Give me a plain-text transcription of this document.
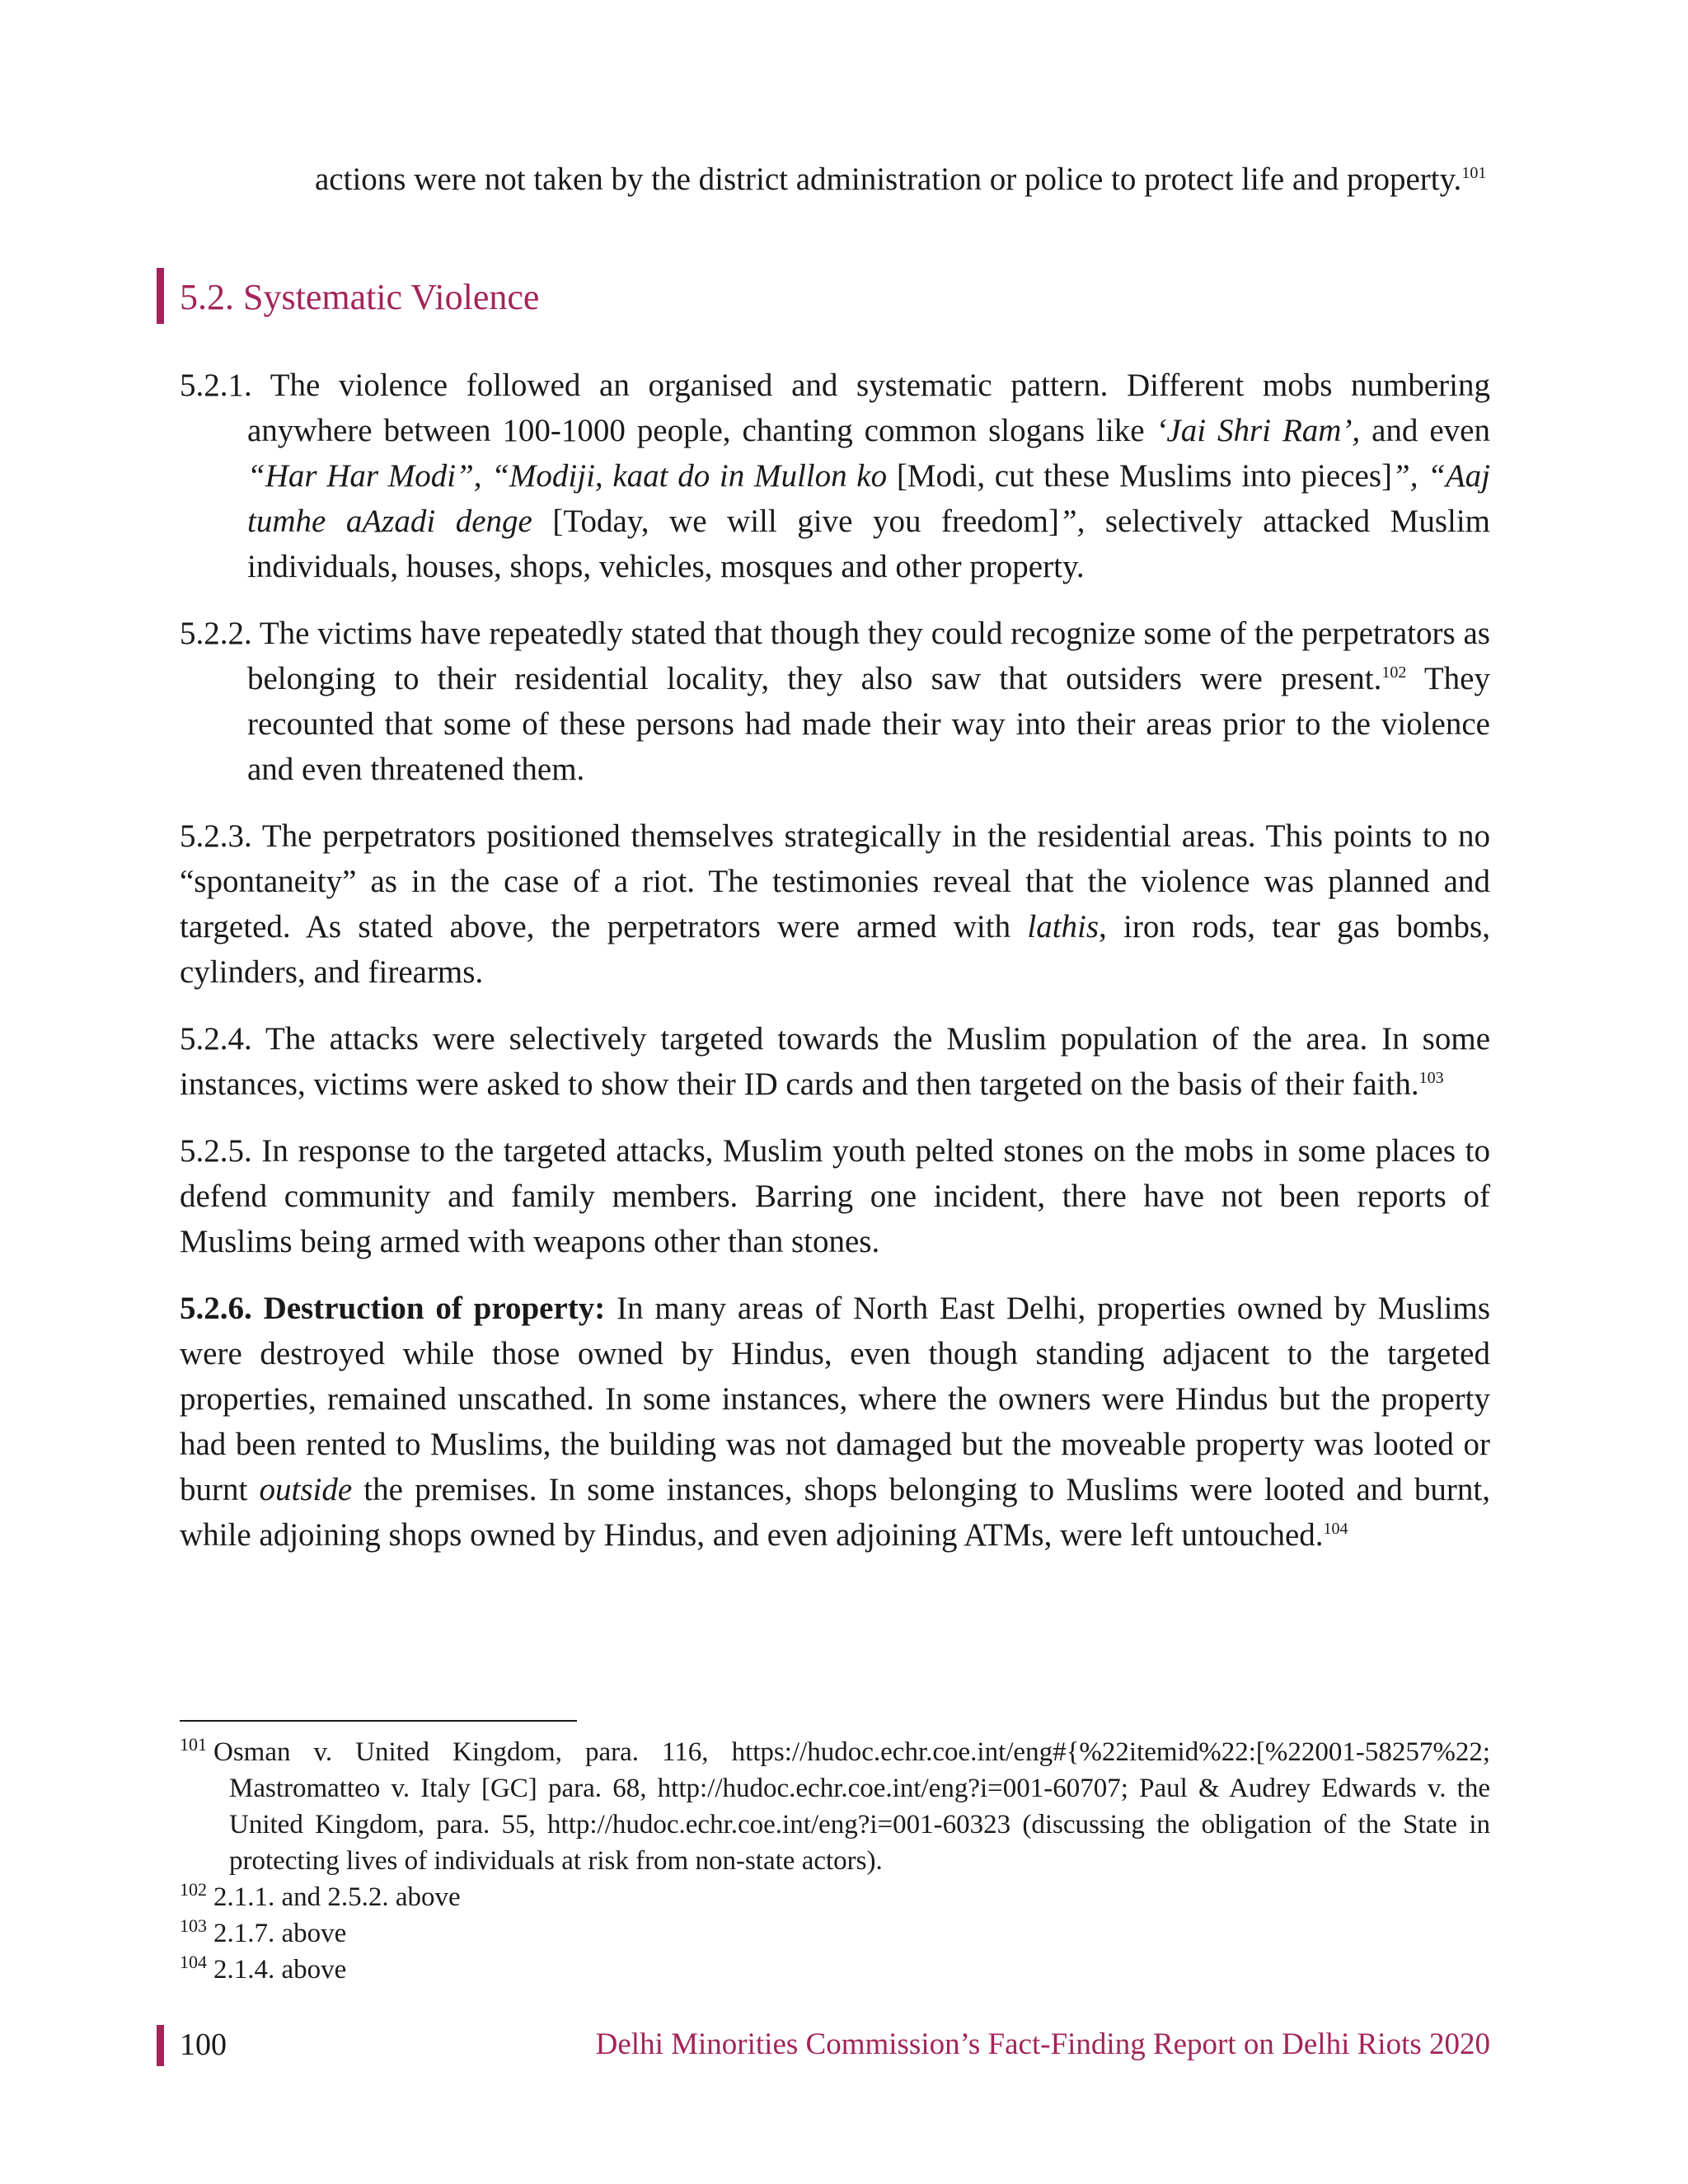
actions were not taken by the district administration or police to protect life and property.$^{101}$

5.2. Systematic Violence

5.2.1. The violence followed an organised and systematic pattern. Different mobs numbering anywhere between 100-1000 people, chanting common slogans like ‘Jai Shri Ram’, and even “Har Har Modi”, “Modiji, kaat do in Mullon ko [Modi, cut these Muslims into pieces]”, “Aaj tumhe aAzadi denge [Today, we will give you freedom]”, selectively attacked Muslim individuals, houses, shops, vehicles, mosques and other property.

5.2.2. The victims have repeatedly stated that though they could recognize some of the perpetrators as belonging to their residential locality, they also saw that outsiders were present.$^{102}$ They recounted that some of these persons had made their way into their areas prior to the violence and even threatened them.

5.2.3. The perpetrators positioned themselves strategically in the residential areas. This points to no “spontaneity” as in the case of a riot. The testimonies reveal that the violence was planned and targeted. As stated above, the perpetrators were armed with lathis, iron rods, tear gas bombs, cylinders, and firearms.

5.2.4. The attacks were selectively targeted towards the Muslim population of the area. In some instances, victims were asked to show their ID cards and then targeted on the basis of their faith.$^{103}$

5.2.5. In response to the targeted attacks, Muslim youth pelted stones on the mobs in some places to defend community and family members. Barring one incident, there have not been reports of Muslims being armed with weapons other than stones.

5.2.6. Destruction of property: In many areas of North East Delhi, properties owned by Muslims were destroyed while those owned by Hindus, even though standing adjacent to the targeted properties, remained unscathed. In some instances, where the owners were Hindus but the property had been rented to Muslims, the building was not damaged but the moveable property was looted or burnt outside the premises. In some instances, shops belonging to Muslims were looted and burnt, while adjoining shops owned by Hindus, and even adjoining ATMs, were left untouched.$^{104}$

$^{101}$ Osman v. United Kingdom, para. 116, https://hudoc.echr.coe.int/eng#{%22itemid%22:[%22001-58257%22; Mastromatteo v. Italy [GC] para. 68, http://hudoc.echr.coe.int/eng?i=001-60707; Paul & Audrey Edwards v. the United Kingdom, para. 55, http://hudoc.echr.coe.int/eng?i=001-60323 (discussing the obligation of the State in protecting lives of individuals at risk from non-state actors).

$^{102}$ 2.1.1. and 2.5.2. above

$^{103}$ 2.1.7. above

$^{104}$ 2.1.4. above

100	Delhi Minorities Commission’s Fact-Finding Report on Delhi Riots 2020
